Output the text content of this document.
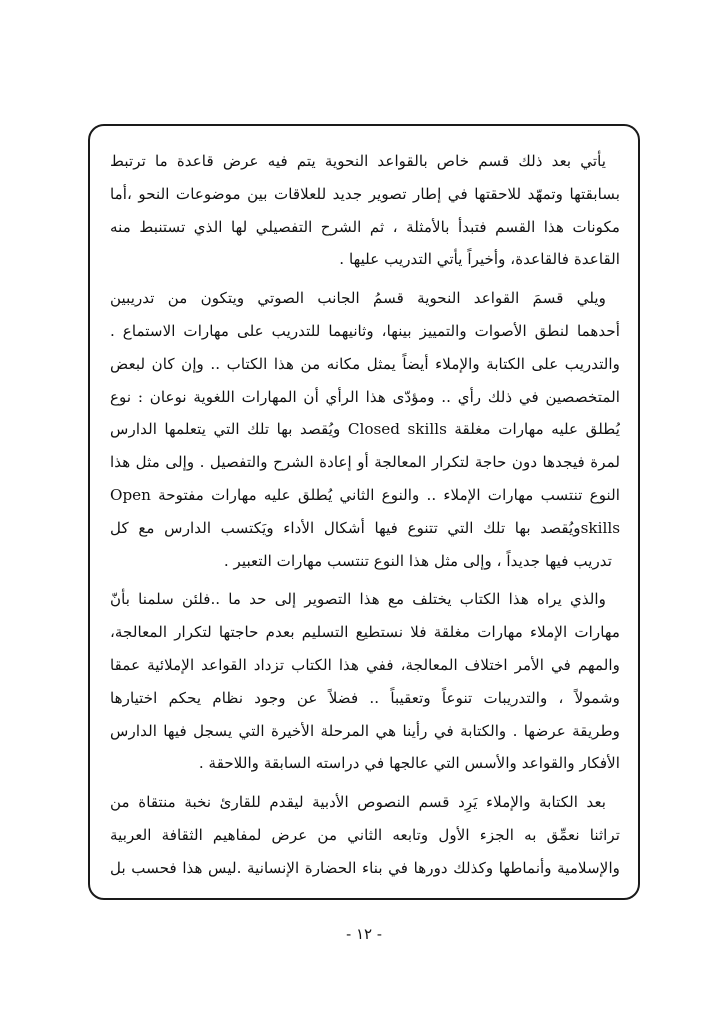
يأتي بعد ذلك قسم خاص بالقواعد النحوية يتم فيه عرض قاعدة ما ترتبط
بسابقتها وتمهّد للاحقتها في إطار تصوير جديد للعلاقات بين موضوعات النحو ،أما
مكونات هذا القسم فتبدأ بالأمثلة ، ثم الشرح التفصيلي لها الذي تستنبط منه
القاعدة فالقاعدة، وأخيراً يأتي التدريب عليها .
ويلي قسمَ القواعد النحوية قسمُ الجانب الصوتي ويتكون من تدريبين
أحدهما لنطق الأصوات والتمييز بينها، وثانيهما للتدريب على مهارات الاستماع .
والتدريب على الكتابة والإملاء أيضاً يمثل مكانه من هذا الكتاب .. وإن كان لبعض
المتخصصين في ذلك رأي .. ومؤدّى هذا الرأي أن المهارات اللغوية نوعان : نوع
يُطلق عليه مهارات مغلقة Closed skills ويُقصد بها تلك التي يتعلمها الدارس
لمرة فيجدها دون حاجة لتكرار المعالجة أو إعادة الشرح والتفصيل . وإلى مثل هذا
النوع تنتسب مهارات الإملاء .. والنوع الثاني يُطلق عليه مهارات مفتوحة Open
skillsويُقصد بها تلك التي تتنوع فيها أشكال الأداء ويَكتسب الدارس مع كل
تدريب فيها جديداً ، وإلى مثل هذا النوع تنتسب مهارات التعبير .
والذي يراه هذا الكتاب يختلف مع هذا التصوير إلى حد ما ..فلئن سلمنا بأنّ
مهارات الإملاء مهارات مغلقة فلا نستطيع التسليم بعدم حاجتها لتكرار المعالجة،
والمهم في الأمر اختلاف المعالجة، ففي هذا الكتاب تزداد القواعد الإملائية عمقا
وشمولاً ، والتدريبات تنوعاً وتعقيباً .. فضلاً عن وجود نظام يحكم اختيارها
وطريقة عرضها . والكتابة في رأينا هي المرحلة الأخيرة التي يسجل فيها الدارس
الأفكار والقواعد والأسس التي عالجها في دراسته السابقة واللاحقة .
بعد الكتابة والإملاء يَرِد قسم النصوص الأدبية ليقدم للقارئ نخبة منتقاة من
تراثنا نعمِّق به الجزء الأول وتابعه الثاني من عرض لمفاهيم الثقافة العربية
والإسلامية وأنماطها وكذلك دورها في بناء الحضارة الإنسانية .ليس هذا فحسب بل
- ١٢ -
